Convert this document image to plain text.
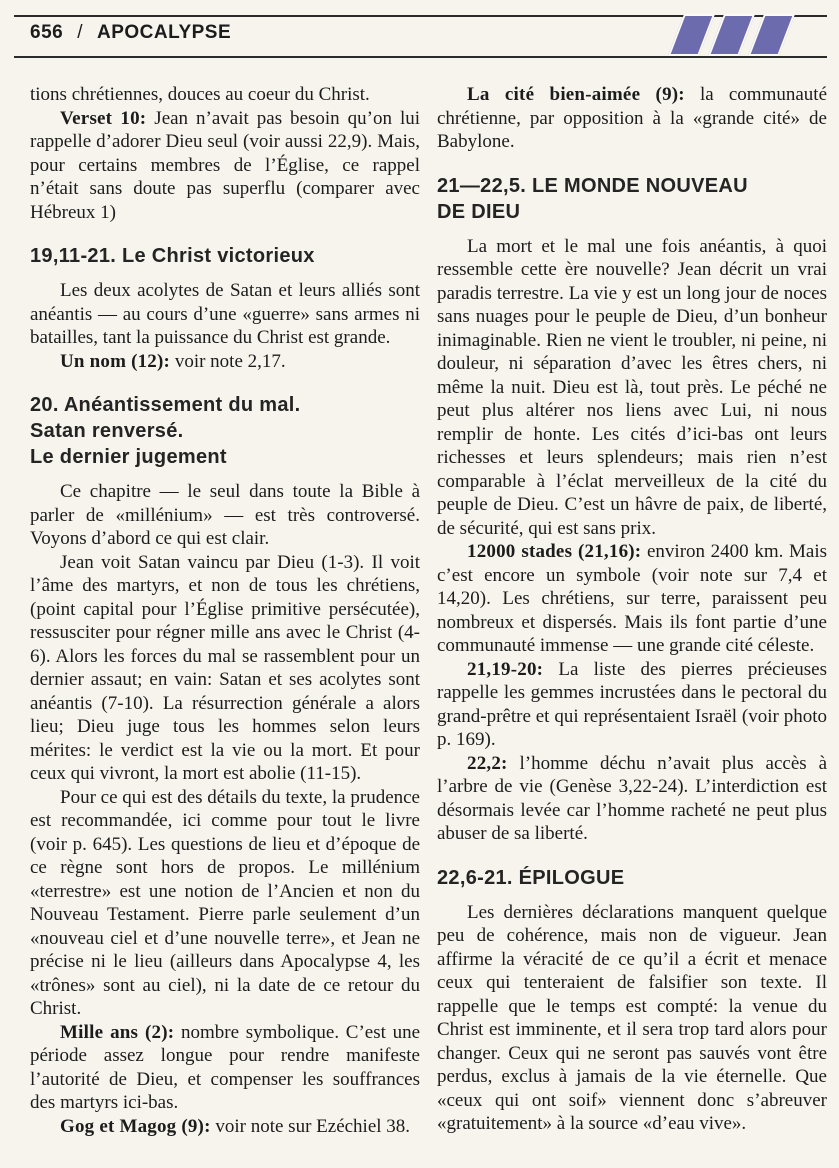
656 / APOCALYPSE

tions chrétiennes, douces au coeur du Christ.

Verset 10: Jean n’avait pas besoin qu’on lui rappelle d’adorer Dieu seul (voir aussi 22,9). Mais, pour certains membres de l’Église, ce rappel n’était sans doute pas superflu (comparer avec Hébreux 1)

19,11-21. Le Christ victorieux

Les deux acolytes de Satan et leurs alliés sont anéantis — au cours d’une «guerre» sans armes ni batailles, tant la puissance du Christ est grande.

Un nom (12): voir note 2,17.

20. Anéantissement du mal.
Satan renversé.
Le dernier jugement

Ce chapitre — le seul dans toute la Bible à parler de «millénium» — est très controversé. Voyons d’abord ce qui est clair.

Jean voit Satan vaincu par Dieu (1-3). Il voit l’âme des martyrs, et non de tous les chrétiens, (point capital pour l’Église primitive persécutée), ressusciter pour régner mille ans avec le Christ (4-6). Alors les forces du mal se rassemblent pour un dernier assaut; en vain: Satan et ses acolytes sont anéantis (7-10). La résurrection générale a alors lieu; Dieu juge tous les hommes selon leurs mérites: le verdict est la vie ou la mort. Et pour ceux qui vivront, la mort est abolie (11-15).

Pour ce qui est des détails du texte, la prudence est recommandée, ici comme pour tout le livre (voir p. 645). Les questions de lieu et d’époque de ce règne sont hors de propos. Le millénium «terrestre» est une notion de l’Ancien et non du Nouveau Testament. Pierre parle seulement d’un «nouveau ciel et d’une nouvelle terre», et Jean ne précise ni le lieu (ailleurs dans Apocalypse 4, les «trônes» sont au ciel), ni la date de ce retour du Christ.

Mille ans (2): nombre symbolique. C’est une période assez longue pour rendre manifeste l’autorité de Dieu, et compenser les souffrances des martyrs ici-bas.

Gog et Magog (9): voir note sur Ezéchiel 38.

La cité bien-aimée (9): la communauté chrétienne, par opposition à la «grande cité» de Babylone.

21—22,5. LE MONDE NOUVEAU
DE DIEU

La mort et le mal une fois anéantis, à quoi ressemble cette ère nouvelle? Jean décrit un vrai paradis terrestre. La vie y est un long jour de noces sans nuages pour le peuple de Dieu, d’un bonheur inimaginable. Rien ne vient le troubler, ni peine, ni douleur, ni séparation d’avec les êtres chers, ni même la nuit. Dieu est là, tout près. Le péché ne peut plus altérer nos liens avec Lui, ni nous remplir de honte. Les cités d’ici-bas ont leurs richesses et leurs splendeurs; mais rien n’est comparable à l’éclat merveilleux de la cité du peuple de Dieu. C’est un hâvre de paix, de liberté, de sécurité, qui est sans prix.

12000 stades (21,16): environ 2400 km. Mais c’est encore un symbole (voir note sur 7,4 et 14,20). Les chrétiens, sur terre, paraissent peu nombreux et dispersés. Mais ils font partie d’une communauté immense — une grande cité céleste.

21,19-20: La liste des pierres précieuses rappelle les gemmes incrustées dans le pectoral du grand-prêtre et qui représentaient Israël (voir photo p. 169).

22,2: l’homme déchu n’avait plus accès à l’arbre de vie (Genèse 3,22-24). L’interdiction est désormais levée car l’homme racheté ne peut plus abuser de sa liberté.

22,6-21. ÉPILOGUE

Les dernières déclarations manquent quelque peu de cohérence, mais non de vigueur. Jean affirme la véracité de ce qu’il a écrit et menace ceux qui tenteraient de falsifier son texte. Il rappelle que le temps est compté: la venue du Christ est imminente, et il sera trop tard alors pour changer. Ceux qui ne seront pas sauvés vont être perdus, exclus à jamais de la vie éternelle. Que «ceux qui ont soif» viennent donc s’abreuver «gratuitement» à la source «d’eau vive».
